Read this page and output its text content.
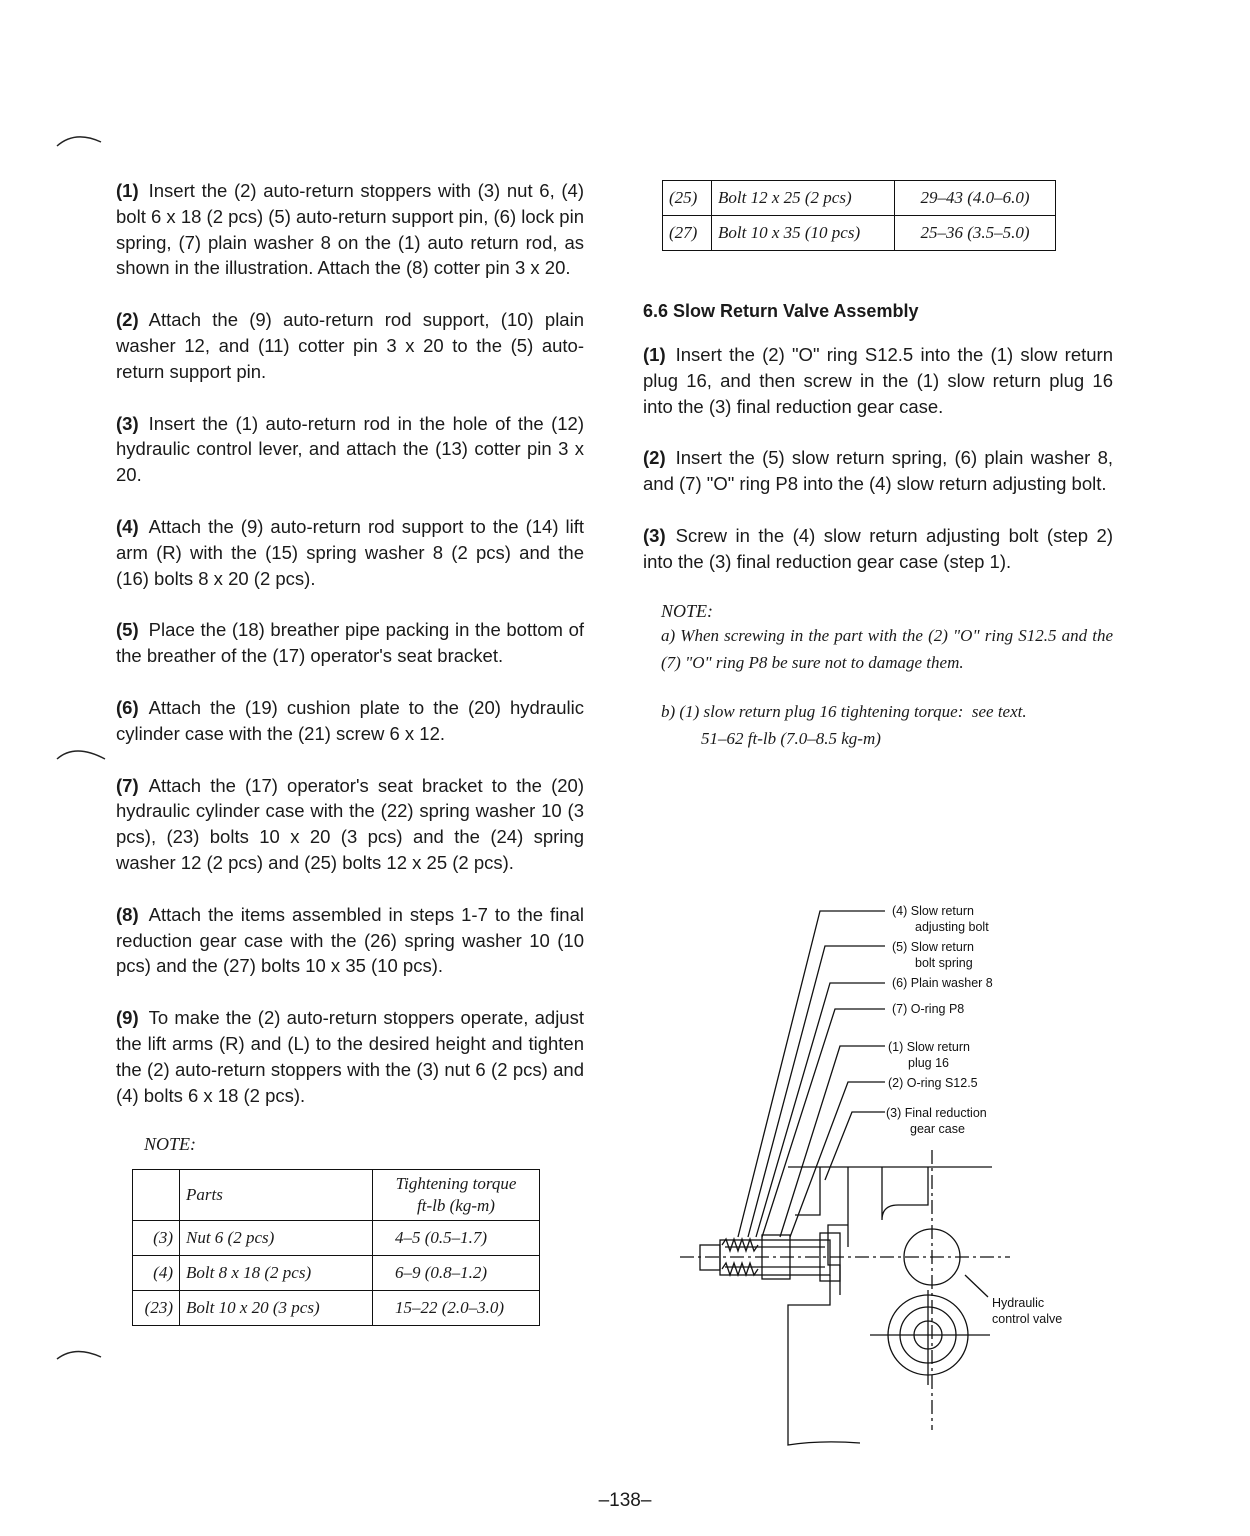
(1) Insert the (2) auto-return stoppers with (3) nut 6, (4) bolt 6 x 18 (2 pcs) (5) auto-return support pin, (6) lock pin spring, (7) plain washer 8 on the (1) auto return rod, as shown in the illustration. Attach the (8) cotter pin 3 x 20.

(2) Attach the (9) auto-return rod support, (10) plain washer 12, and (11) cotter pin 3 x 20 to the (5) auto-return support pin.

(3) Insert the (1) auto-return rod in the hole of the (12) hydraulic control lever, and attach the (13) cotter pin 3 x 20.

(4) Attach the (9) auto-return rod support to the (14) lift arm (R) with the (15) spring washer 8 (2 pcs) and the (16) bolts 8 x 20 (2 pcs).

(5) Place the (18) breather pipe packing in the bottom of the breather of the (17) operator's seat bracket.

(6) Attach the (19) cushion plate to the (20) hydraulic cylinder case with the (21) screw 6 x 12.

(7) Attach the (17) operator's seat bracket to the (20) hydraulic cylinder case with the (22) spring washer 10 (3 pcs), (23) bolts 10 x 20 (3 pcs) and the (24) spring washer 12 (2 pcs) and (25) bolts 12 x 25 (2 pcs).

(8) Attach the items assembled in steps 1-7 to the final reduction gear case with the (26) spring washer 10 (10 pcs) and the (27) bolts 10 x 35 (10 pcs).

(9) To make the (2) auto-return stoppers operate, adjust the lift arms (R) and (L) to the desired height and tighten the (2) auto-return stoppers with the (3) nut 6 (2 pcs) and (4) bolts 6 x 18 (2 pcs).

NOTE:
	Parts	Tightening torque
ft-lb (kg-m)
(3)	Nut 6 (2 pcs)	4–5 (0.5–1.7)
(4)	Bolt 8 x 18 (2 pcs)	6–9 (0.8–1.2)
(23)	Bolt 10 x 20 (3 pcs)	15–22 (2.0–3.0)
(25)	Bolt 12 x 25 (2 pcs)	29–43 (4.0–6.0)
(27)	Bolt 10 x 35 (10 pcs)	25–36 (3.5–5.0)

6.6 Slow Return Valve Assembly

(1) Insert the (2) "O" ring S12.5 into the (1) slow return plug 16, and then screw in the (1) slow return plug 16 into the (3) final reduction gear case.

(2) Insert the (5) slow return spring, (6) plain washer 8, and (7) "O" ring P8 into the (4) slow return adjusting bolt.

(3) Screw in the (4) slow return adjusting bolt (step 2) into the (3) final reduction gear case (step 1).

NOTE:
a) When screwing in the part with the (2) "O" ring S12.5 and the (7) "O" ring P8 be sure not to damage them.
b) (1) slow return plug 16 tightening torque: see text.
51–62 ft-lb (7.0–8.5 kg-m)
(4) Slow return
adjusting bolt
(5) Slow return
bolt spring
(6) Plain washer 8
(7) O-ring P8
(1) Slow return
plug 16
(2) O-ring S12.5
(3) Final reduction
gear case
Hydraulic
control valve
–138–
